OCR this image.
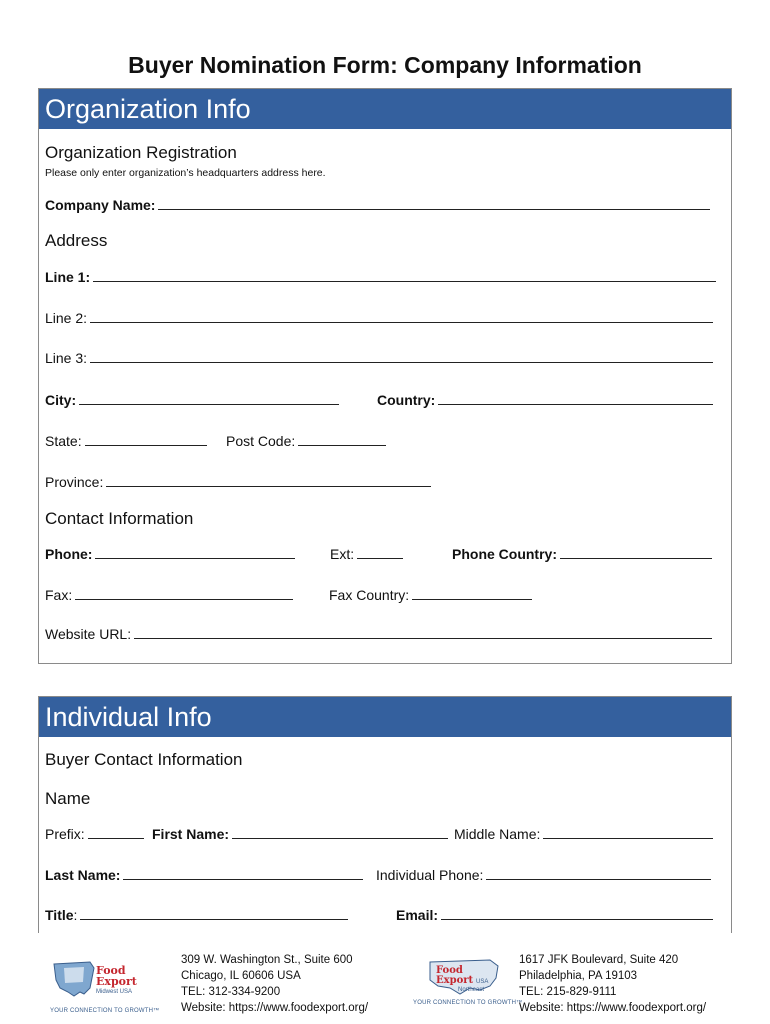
Buyer Nomination Form: Company Information
Organization Info
Organization Registration
Please only enter organization’s headquarters address here.
Company Name:
Address
Line 1:
Line 2:
Line 3:
City:	Country:
State:	Post Code:
Province:
Contact Information
Phone:	Ext:	Phone Country:
Fax:	Fax Country:
Website URL:
Individual Info
Buyer Contact Information
Name
Prefix:	First Name:	Middle Name:
Last Name:	Individual Phone:
Title:	Email:
Food
Export
Midwest USA
YOUR CONNECTION TO GROWTH™
309 W. Washington St., Suite 600
Chicago, IL 60606 USA
TEL: 312-334-9200
Website: https://www.foodexport.org/
Food
Export USA
Northeast
YOUR CONNECTION TO GROWTH™
1617 JFK Boulevard, Suite 420
Philadelphia, PA 19103
TEL: 215-829-9111
Website: https://www.foodexport.org/
